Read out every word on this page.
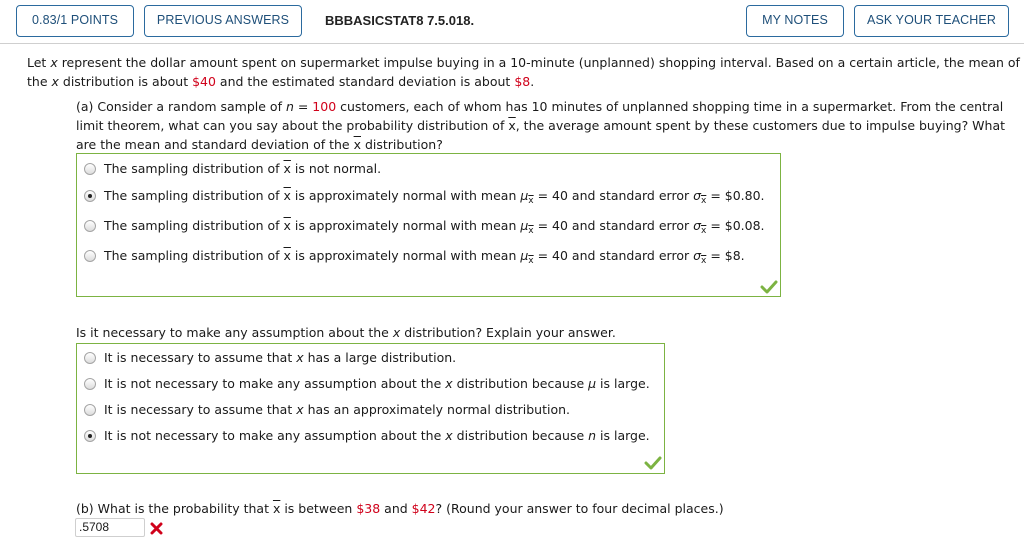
0.83/1 POINTS	PREVIOUS ANSWERS	BBBASICSTAT8 7.5.018.	MY NOTES	ASK YOUR TEACHER
Let x represent the dollar amount spent on supermarket impulse buying in a 10-minute (unplanned) shopping interval. Based on a certain article, the mean of
the x distribution is about $40 and the estimated standard deviation is about $8.
(a) Consider a random sample of n = 100 customers, each of whom has 10 minutes of unplanned shopping time in a supermarket. From the central
limit theorem, what can you say about the probability distribution of $\overline{x}$, the average amount spent by these customers due to impulse buying? What
are the mean and standard deviation of the $\overline{x}$ distribution?
The sampling distribution of $\overline{x}$ is not normal.
The sampling distribution of $\overline{x}$ is approximately normal with mean $\mu_{\overline{x}} = 40$ and standard error $\sigma_{\overline{x}}$ = $0.80.
The sampling distribution of $\overline{x}$ is approximately normal with mean $\mu_{\overline{x}} = 40$ and standard error $\sigma_{\overline{x}}$ = $0.08.
The sampling distribution of $\overline{x}$ is approximately normal with mean $\mu_{\overline{x}} = 40$ and standard error $\sigma_{\overline{x}}$ = $8.
Is it necessary to make any assumption about the x distribution? Explain your answer.
It is necessary to assume that x has a large distribution.
It is not necessary to make any assumption about the x distribution because μ is large.
It is necessary to assume that x has an approximately normal distribution.
It is not necessary to make any assumption about the x distribution because n is large.
(b) What is the probability that $\overline{x}$ is between $38 and $42? (Round your answer to four decimal places.)
.5708
